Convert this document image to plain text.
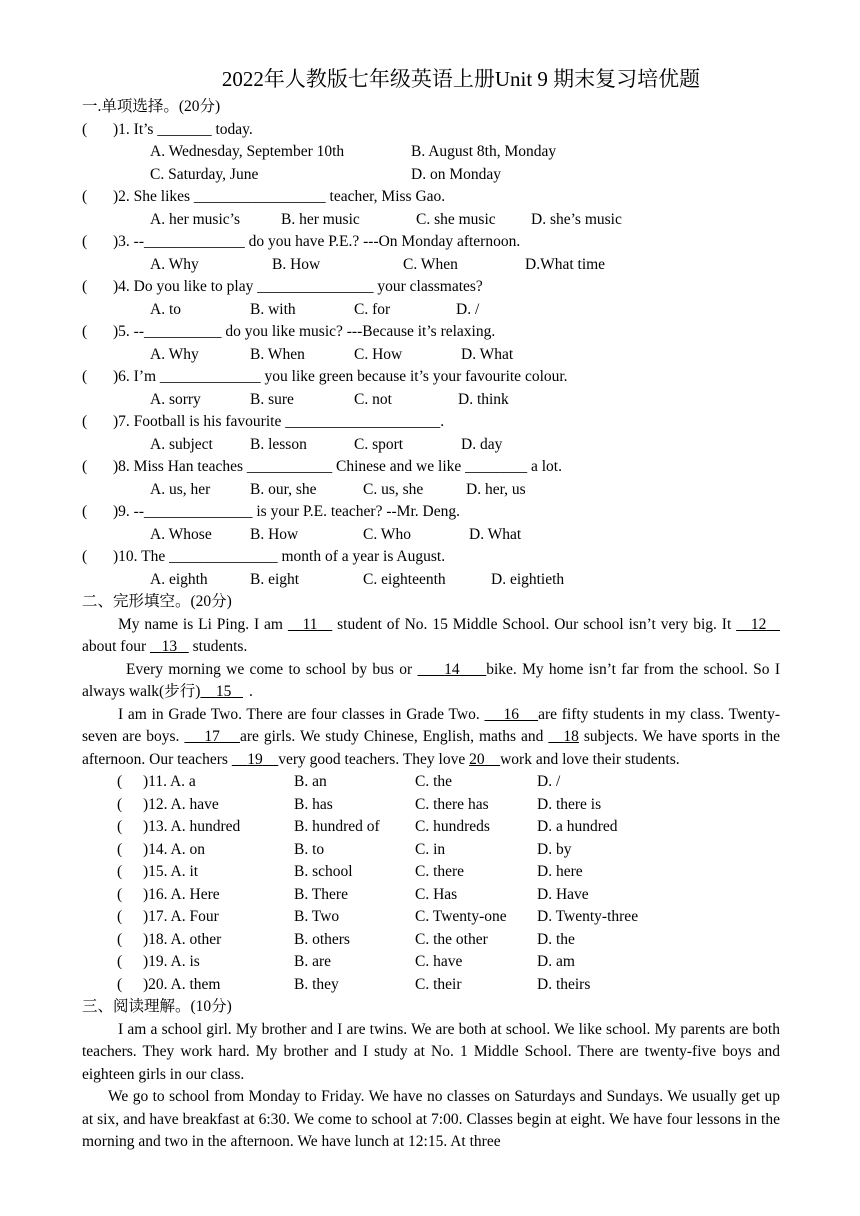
2022年人教版七年级英语上册Unit 9 期末复习培优题
一.单项选择。(20分)
(	)1. It’s _______ today.
A. Wednesday, September 10th	B. August 8th, Monday
C. Saturday, June	D. on Monday
(	)2. She likes _________________ teacher, Miss Gao.
A. her music’s	B. her music	C. she music D. she’s music
(	)3. --_____________ do you have P.E.? ---On Monday afternoon.
A. Why	B. How	C. When	D.What time
(	)4. Do you like to play _______________ your classmates?
A. to	B. with	C. for	D. /
(	)5. --__________ do you like music? ---Because it’s relaxing.
A. Why	B. When	C. How	D. What
(	)6. I’m _____________ you like green because it’s your favourite colour.
A. sorry	B. sure	C. not	D. think
(	)7. Football is his favourite ____________________.
A. subject B. lesson	C. sport	D. day
(	)8. Miss Han teaches ___________ Chinese and we like ________ a lot.
A. us, her	B. our, she	C. us, she	D. her, us
(	)9. --______________ is your P.E. teacher? --Mr. Deng.
A. Whose B. How	C. Who	D. What
(	)10. The ______________ month of a year is August.
A. eighth	B. eight	C. eighteenth	D. eightieth
二、完形填空。(20分)
My name is Li Ping. I am    11    student of No. 15 Middle School. Our school isn’t very big. It    12    about four    13    students.
Every morning we come to school by bus or      14 bike. My home isn’t far from the school. So I always walk(步行) 15 .
I am in Grade Two. There are four classes in Grade Two.     16 are fifty students in my class. Twenty-seven are boys.     17 are girls. We study Chinese, English, maths and    18 subjects. We have sports in the afternoon. Our teachers     19 very good teachers. They love 20 work and love their students.
(	)11. A. a	B. an	C. the	D. /
(	)12. A. have	B. has	C. there has	D. there is
(	)13. A. hundred	B. hundred of C. hundreds	D. a hundred
(	)14. A. on	B. to	C. in	D. by
(	)15. A. it	B. school	C. there	D. here
(	)16. A. Here	B. There	C. Has	D. Have
(	)17. A. Four	B. Two	C. Twenty-one D. Twenty-three
(	)18. A. other	B. others	C. the other	D. the
(	)19. A. is	B. are	C. have	D. am
(	)20. A. them	B. they	C. their	D. theirs
三、阅读理解。(10分)
I am a school girl. My brother and I are twins. We are both at school. We like school. My parents are both teachers. They work hard. My brother and I study at No. 1 Middle School. There are twenty-five boys and eighteen girls in our class.
We go to school from Monday to Friday. We have no classes on Saturdays and Sundays. We usually get up at six, and have breakfast at 6:30. We come to school at 7:00. Classes begin at eight. We have four lessons in the morning and two in the afternoon. We have lunch at 12:15. At three
